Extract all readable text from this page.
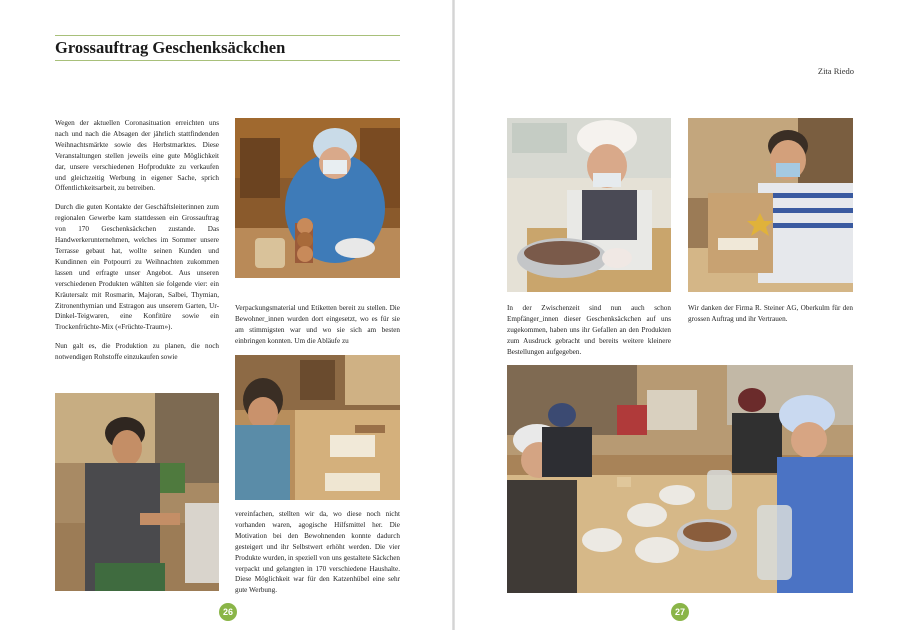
Grossauftrag Geschenksäckchen
Zita Riedo

Wegen der aktuellen Coronasituation erreichten uns nach und nach die Absagen der jährlich stattfindenden Weihnachtsmärkte sowie des Herbstmarktes. Diese Veranstaltungen stellen jeweils eine gute Möglichkeit dar, unsere verschiedenen Hofprodukte zu verkaufen und gleichzeitig Werbung in eigener Sache, sprich Öffentlichkeitsarbeit, zu betreiben.

Durch die guten Kontakte der Geschäftsleiterinnen zum regionalen Gewerbe kam stattdessen ein Grossauftrag von 170 Geschenksäckchen zustande. Das Handwerkerunternehmen, welches im Sommer unsere Terrasse gebaut hat, wollte seinen Kunden und Kundinnen ein Potpourri zu Weihnachten zukommen lassen und erfragte unser Angebot. Aus unseren verschiedenen Produkten wählten sie folgende vier: ein Kräutersalz mit Rosmarin, Majoran, Salbei, Thymian, Zitronenthymian und Estragon aus unserem Garten, Ur-Dinkel-Teigwaren, eine Konfitüre sowie ein Trockenfrüchte-Mix («Früchte-Traum»).

Nun galt es, die Produktion zu planen, die noch notwendigen Rohstoffe einzukaufen sowie

Verpackungsmaterial und Etiketten bereit zu stellen. Die Bewohner_innen wurden dort eingesetzt, wo es für sie am stimmigsten war und wo sie sich am besten einbringen konnten. Um die Abläufe zu
vereinfachen, stellten wir da, wo diese noch nicht vorhanden waren, agogische Hilfsmittel her. Die Motivation bei den Bewohnenden konnte dadurch gesteigert und ihr Selbstwert erhöht werden. Die vier Produkte wurden, in speziell von uns gestaltete Säckchen verpackt und gelangten in 170 verschiedene Haushalte. Diese Möglichkeit war für den Katzenhübel eine sehr gute Werbung.
26
In der Zwischenzeit sind nun auch schon Empfänger_innen dieser Geschenksäckchen auf uns zugekommen, haben uns ihr Gefallen an den Produkten zum Ausdruck gebracht und bereits weitere kleinere Bestellungen aufgegeben.
Wir danken der Firma R. Steiner AG, Oberkulm für den grossen Auftrag und ihr Vertrauen.
27
